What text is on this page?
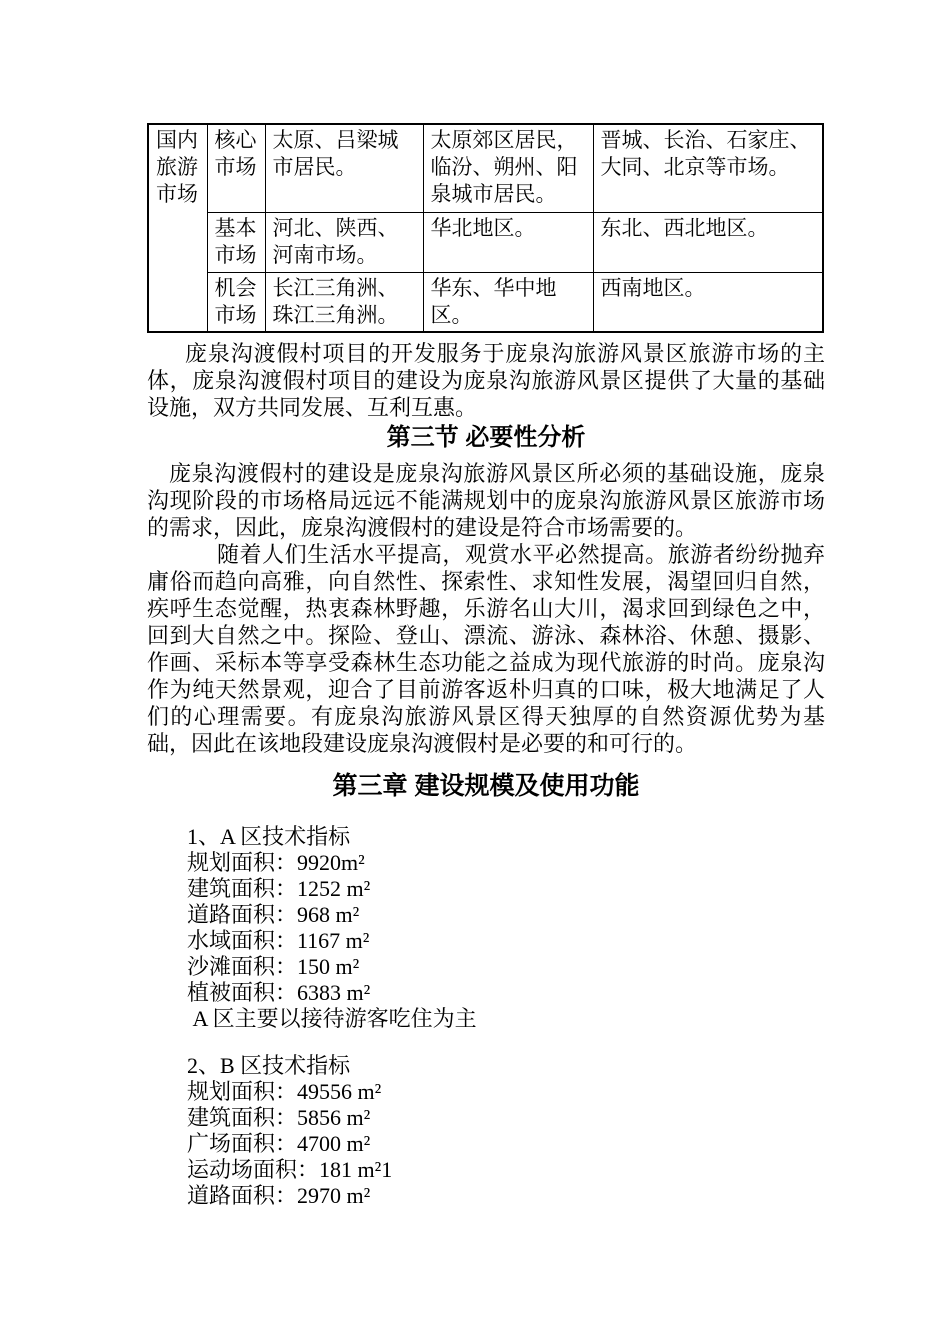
国内旅游市场	核心市场	太原、吕梁城市居民。	太原郊区居民，临汾、朔州、阳泉城市居民。	晋城、长治、石家庄、大同、北京等市场。
	基本市场	河北、陕西、河南市场。	华北地区。	东北、西北地区。
	机会市场	长江三角洲、珠江三角洲。	华东、华中地区。	西南地区。

庞泉沟渡假村项目的开发服务于庞泉沟旅游风景区旅游市场的主体，庞泉沟渡假村项目的建设为庞泉沟旅游风景区提供了大量的基础设施，双方共同发展、互利互惠。

第三节 必要性分析

庞泉沟渡假村的建设是庞泉沟旅游风景区所必须的基础设施，庞泉沟现阶段的市场格局远远不能满规划中的庞泉沟旅游风景区旅游市场的需求，因此，庞泉沟渡假村的建设是符合市场需要的。

随着人们生活水平提高，观赏水平必然提高。旅游者纷纷抛弃庸俗而趋向高雅，向自然性、探索性、求知性发展，渴望回归自然，疾呼生态觉醒，热衷森林野趣，乐游名山大川，渴求回到绿色之中，回到大自然之中。探险、登山、漂流、游泳、森林浴、休憩、摄影、作画、采标本等享受森林生态功能之益成为现代旅游的时尚。庞泉沟作为纯天然景观，迎合了目前游客返朴归真的口味，极大地满足了人们的心理需要。有庞泉沟旅游风景区得天独厚的自然资源优势为基础，因此在该地段建设庞泉沟渡假村是必要的和可行的。

第三章 建设规模及使用功能
1、A 区技术指标
规划面积：9920m²
建筑面积：1252 m²
道路面积：968 m²
水域面积：1167 m²
沙滩面积：150 m²
植被面积：6383 m²
A 区主要以接待游客吃住为主
2、B 区技术指标
规划面积：49556 m²
建筑面积：5856 m²
广场面积：4700 m²
运动场面积：181 m²1
道路面积：2970 m²
